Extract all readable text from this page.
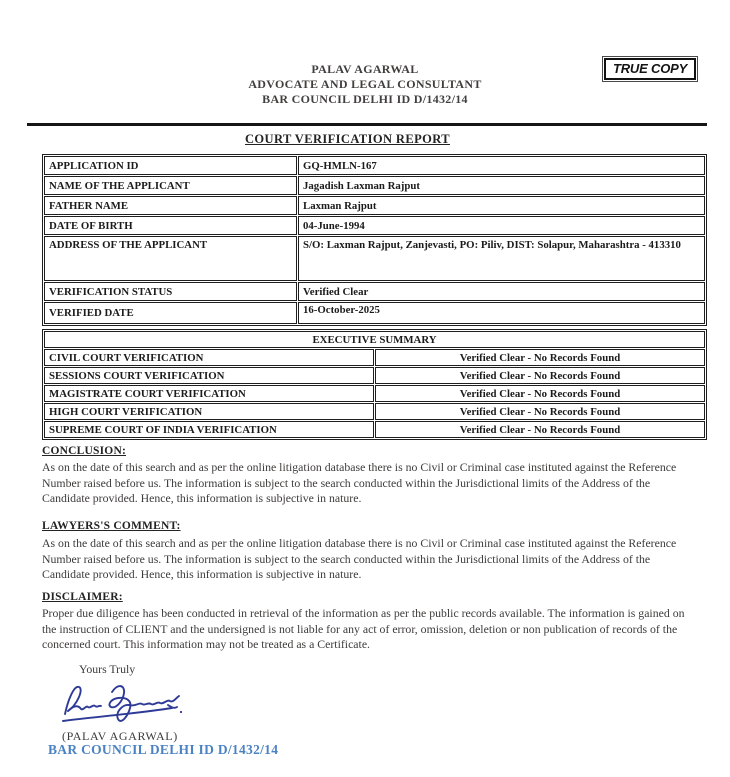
PALAV AGARWAL
ADVOCATE AND LEGAL CONSULTANT
BAR COUNCIL DELHI ID D/1432/14
TRUE COPY
COURT VERIFICATION REPORT
APPLICATION ID	GQ-HMLN-167
NAME OF THE APPLICANT	Jagadish Laxman Rajput
FATHER NAME	Laxman Rajput
DATE OF BIRTH	04-June-1994
ADDRESS OF THE APPLICANT	S/O: Laxman Rajput, Zanjevasti, PO: Piliv, DIST: Solapur, Maharashtra - 413310
VERIFICATION STATUS	Verified Clear
VERIFIED DATE	16-October-2025
EXECUTIVE SUMMARY	
CIVIL COURT VERIFICATION	Verified Clear - No Records Found
SESSIONS COURT VERIFICATION	Verified Clear - No Records Found
MAGISTRATE COURT VERIFICATION	Verified Clear - No Records Found
HIGH COURT VERIFICATION	Verified Clear - No Records Found
SUPREME COURT OF INDIA VERIFICATION	Verified Clear - No Records Found
CONCLUSION:
As on the date of this search and as per the online litigation database there is no Civil or Criminal case instituted against the Reference Number raised before us. The information is subject to the search conducted within the Jurisdictional limits of the Address of the Candidate provided. Hence, this information is subjective in nature.
LAWYERS'S COMMENT:
As on the date of this search and as per the online litigation database there is no Civil or Criminal case instituted against the Reference Number raised before us. The information is subject to the search conducted within the Jurisdictional limits of the Address of the Candidate provided. Hence, this information is subjective in nature.
DISCLAIMER:
Proper due diligence has been conducted in retrieval of the information as per the public records available. The information is gained on the instruction of CLIENT and the undersigned is not liable for any act of error, omission, deletion or non publication of records of the concerned court. This information may not be treated as a Certificate.
Yours Truly
(PALAV AGARWAL)
BAR COUNCIL DELHI ID D/1432/14
